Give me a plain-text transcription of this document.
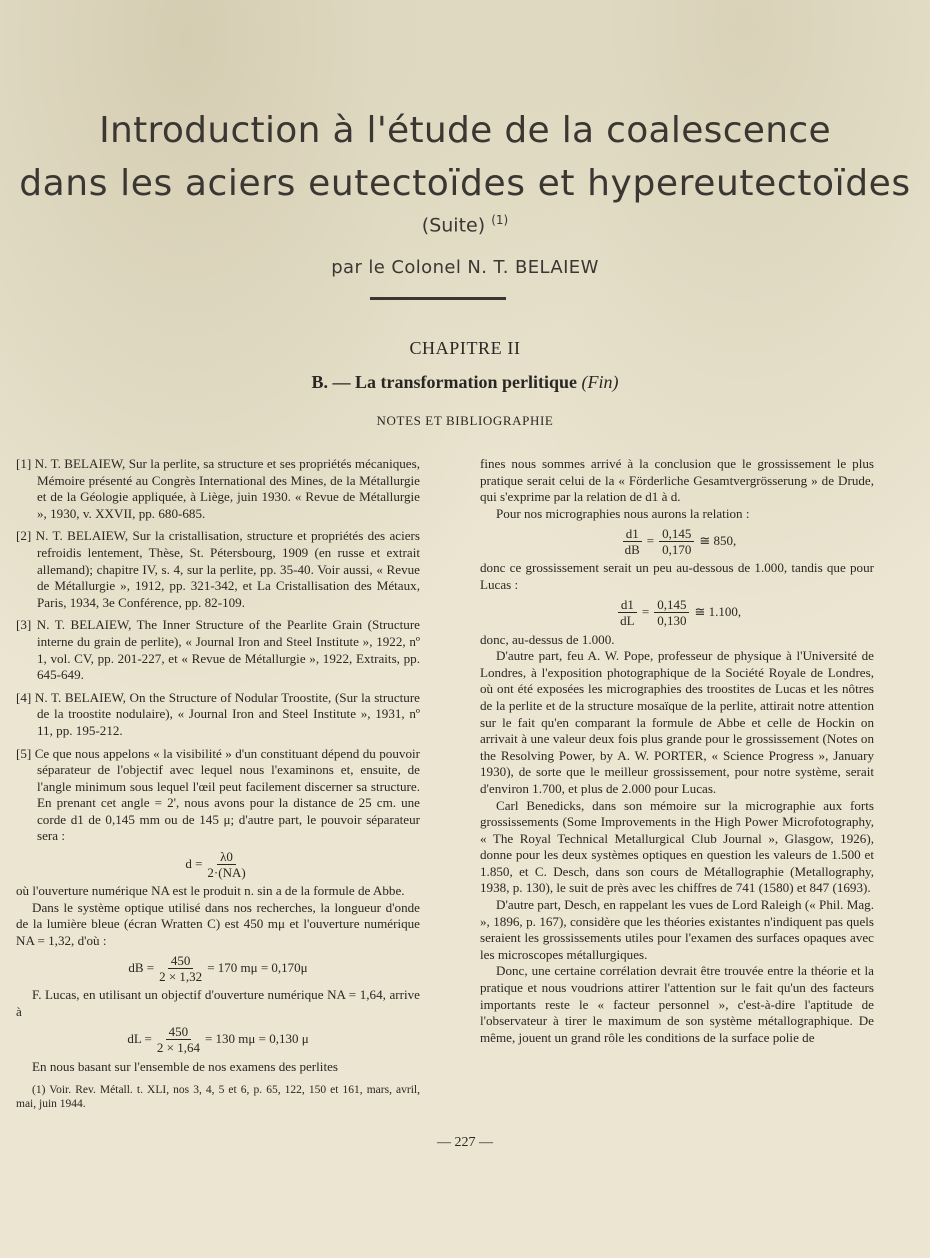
Introduction à l'étude de la coalescence
dans les aciers eutectoïdes et hypereutectoïdes
(Suite) $^{(1)}$
par le Colonel N. T. BELAIEW
CHAPITRE II
B. — La transformation perlitique (Fin)
NOTES ET BIBLIOGRAPHIE

[1] N. T. BELAIEW, Sur la perlite, sa structure et ses propriétés mécaniques, Mémoire présenté au Congrès International des Mines, de la Métallurgie et de la Géologie appliquée, à Liège, juin 1930. « Revue de Métallurgie », 1930, v. XXVII, pp. 680-685.

[2] N. T. BELAIEW, Sur la cristallisation, structure et propriétés des aciers refroidis lentement, Thèse, St. Pétersbourg, 1909 (en russe et extrait allemand); chapitre IV, s. 4, sur la perlite, pp. 35-40. Voir aussi, « Revue de Métallurgie », 1912, pp. 321-342, et La Cristallisation des Métaux, Paris, 1934, 3e Conférence, pp. 82-109.

[3] N. T. BELAIEW, The Inner Structure of the Pearlite Grain (Structure interne du grain de perlite), « Journal Iron and Steel Institute », 1922, nº 1, vol. CV, pp. 201-227, et « Revue de Métallurgie », 1922, Extraits, pp. 645-649.

[4] N. T. BELAIEW, On the Structure of Nodular Troostite, (Sur la structure de la troostite nodulaire), « Journal Iron and Steel Institute », 1931, nº 11, pp. 195-212.

[5] Ce que nous appelons « la visibilité » d'un constituant dépend du pouvoir séparateur de l'objectif avec lequel nous l'examinons et, ensuite, de l'angle minimum sous lequel l'œil peut facilement discerner sa structure. En prenant cet angle = 2', nous avons pour la distance de 25 cm. une corde d1 de 0,145 mm ou de 145 μ; d'autre part, le pouvoir séparateur sera :

$d = \frac{\lambda 0}{2\cdot(NA)}$

où l'ouverture numérique NA est le produit n. sin a de la formule de Abbe.

Dans le système optique utilisé dans nos recherches, la longueur d'onde de la lumière bleue (écran Wratten C) est 450 mμ et l'ouverture numérique NA = 1,32, d'où :

dB = $\frac{450}{2 \times 1,32} = 170$ mμ = 0,170μ

F. Lucas, en utilisant un objectif d'ouverture numérique NA = 1,64, arrive à

dL = $\frac{450}{2 \times 1,64} = 130$ mμ = 0,130 μ

En nous basant sur l'ensemble de nos examens des perlites

(1) Voir. Rev. Métall. t. XLI, nos 3, 4, 5 et 6, p. 65, 122, 150 et 161, mars, avril, mai, juin 1944.

fines nous sommes arrivé à la conclusion que le grossissement le plus pratique serait celui de la « Förderliche Gesamtvergrösserung » de Drude, qui s'exprime par la relation de d1 à d.

Pour nos micrographies nous aurons la relation :

$\frac{d1}{dB} = \frac{0,145}{0,170}$ ≅ 850,

donc ce grossissement serait un peu au-dessous de 1.000, tandis que pour Lucas :

$\frac{d1}{dL} = \frac{0,145}{0,130}$ ≅ 1.100,

donc, au-dessus de 1.000.

D'autre part, feu A. W. Pope, professeur de physique à l'Université de Londres, à l'exposition photographique de la Société Royale de Londres, où ont été exposées les micrographies des troostites de Lucas et les nôtres de la perlite et de la structure mosaïque de la perlite, attirait notre attention sur le fait qu'en comparant la formule de Abbe et celle de Hockin on arrivait à une valeur deux fois plus grande pour le grossissement (Notes on the Resolving Power, by A. W. PORTER, « Science Progress », January 1930), de sorte que le meilleur grossissement, pour notre système, serait d'environ 1.700, et plus de 2.000 pour Lucas.

Carl Benedicks, dans son mémoire sur la micrographie aux forts grossissements (Some Improvements in the High Power Microfotography, « The Royal Technical Metallurgical Club Journal », Glasgow, 1926), donne pour les deux systèmes optiques en question les valeurs de 1.500 et 1.850, et C. Desch, dans son cours de Métallographie (Metallography, 1938, p. 130), le suit de près avec les chiffres de 741 (1580) et 847 (1693).

D'autre part, Desch, en rappelant les vues de Lord Raleigh (« Phil. Mag. », 1896, p. 167), considère que les théories existantes n'indiquent pas quels seraient les grossissements utiles pour l'examen des surfaces opaques avec les microscopes métallurgiques.

Donc, une certaine corrélation devrait être trouvée entre la théorie et la pratique et nous voudrions attirer l'attention sur le fait qu'un des facteurs importants reste le « facteur personnel », c'est-à-dire l'aptitude de l'observateur à tirer le maximum de son système métallographique. De même, jouent un grand rôle les conditions de la surface polie de

— 227 —
